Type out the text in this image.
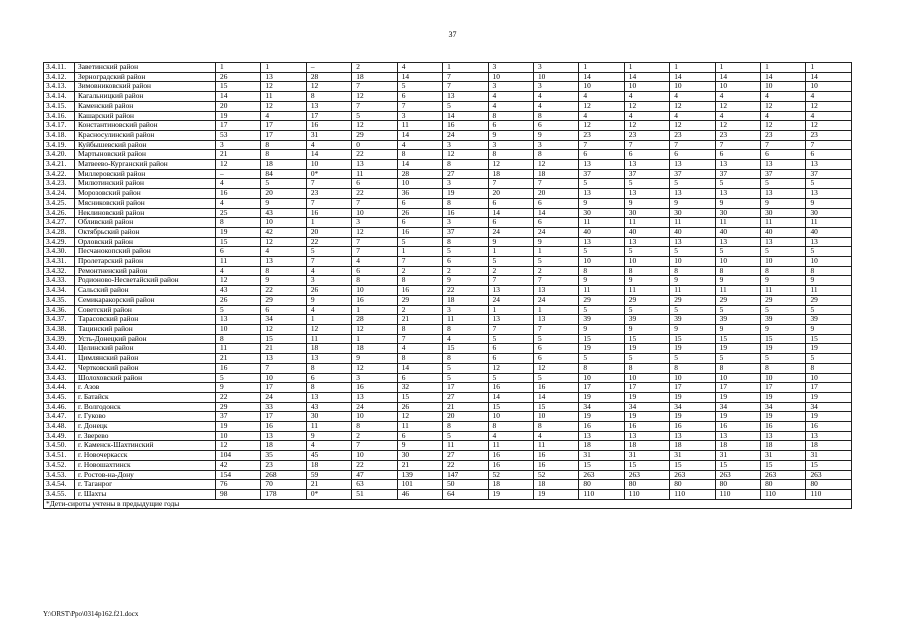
37
3.4.11.	Заветинский район	1	1	–	2	4	1	3	3	1	1	1	1	1	1
3.4.12.	Зерноградский район	26	13	28	18	14	7	10	10	14	14	14	14	14	14
3.4.13.	Зимовниковский район	15	12	12	7	5	7	3	3	10	10	10	10	10	10
3.4.14.	Кагальницкий район	14	11	8	12	6	13	4	4	4	4	4	4	4	4
3.4.15.	Каменский район	20	12	13	7	7	5	4	4	12	12	12	12	12	12
3.4.16.	Кашарский район	19	4	17	5	3	14	8	8	4	4	4	4	4	4
3.4.17.	Константиновский район	17	17	16	12	11	16	6	6	12	12	12	12	12	12
3.4.18.	Красносулинский район	53	17	31	29	14	24	9	9	23	23	23	23	23	23
3.4.19.	Куйбышевский район	3	8	4	0	4	3	3	3	7	7	7	7	7	7
3.4.20.	Мартыновский район	21	8	14	22	8	12	8	8	6	6	6	6	6	6
3.4.21.	Матвеево-Курганский район	12	18	10	13	14	8	12	12	13	13	13	13	13	13
3.4.22.	Миллеровский район	–	84	0*	11	28	27	18	18	37	37	37	37	37	37
3.4.23.	Милютинский район	4	5	7	6	10	3	7	7	5	5	5	5	5	5
3.4.24.	Морозовский район	16	20	23	22	36	19	20	20	13	13	13	13	13	13
3.4.25.	Мясниковский район	4	9	7	7	6	8	6	6	9	9	9	9	9	9
3.4.26.	Неклиновский район	25	43	16	10	26	16	14	14	30	30	30	30	30	30
3.4.27.	Обливский район	8	10	1	3	6	3	6	6	11	11	11	11	11	11
3.4.28.	Октябрьский район	19	42	20	12	16	37	24	24	40	40	40	40	40	40
3.4.29.	Орловский район	15	12	22	7	5	8	9	9	13	13	13	13	13	13
3.4.30.	Песчанокопский район	6	4	5	7	1	5	1	1	5	5	5	5	5	5
3.4.31.	Пролетарский район	11	13	7	4	7	6	5	5	10	10	10	10	10	10
3.4.32.	Ремонтненский район	4	8	4	6	2	2	2	2	8	8	8	8	8	8
3.4.33.	Родионово-Несветайский район	12	9	3	8	8	9	7	7	9	9	9	9	9	9
3.4.34.	Сальский район	43	22	26	10	16	22	13	13	11	11	11	11	11	11
3.4.35.	Семикаракорский район	26	29	9	16	29	18	24	24	29	29	29	29	29	29
3.4.36.	Советский район	5	6	4	1	2	3	1	1	5	5	5	5	5	5
3.4.37.	Тарасовский район	13	34	1	28	21	11	13	13	39	39	39	39	39	39
3.4.38.	Тацинский район	10	12	12	12	8	8	7	7	9	9	9	9	9	9
3.4.39.	Усть-Донецкий район	8	15	11	1	7	4	5	5	15	15	15	15	15	15
3.4.40.	Целинский район	11	21	18	18	4	15	6	6	19	19	19	19	19	19
3.4.41.	Цимлянский район	21	13	13	9	8	8	6	6	5	5	5	5	5	5
3.4.42.	Чертковский район	16	7	8	12	14	5	12	12	8	8	8	8	8	8
3.4.43.	Шолоховский район	5	10	6	3	6	5	5	5	10	10	10	10	10	10
3.4.44.	г. Азов	9	17	8	16	32	17	16	16	17	17	17	17	17	17
3.4.45.	г. Батайск	22	24	13	13	15	27	14	14	19	19	19	19	19	19
3.4.46.	г. Волгодонск	29	33	43	24	26	21	15	15	34	34	34	34	34	34
3.4.47.	г. Гуково	37	17	30	10	12	20	10	10	19	19	19	19	19	19
3.4.48.	г. Донецк	19	16	11	8	11	8	8	8	16	16	16	16	16	16
3.4.49.	г. Зверево	10	13	9	2	6	5	4	4	13	13	13	13	13	13
3.4.50.	г. Каменск-Шахтинский	12	18	4	7	9	11	11	11	18	18	18	18	18	18
3.4.51.	г. Новочеркасск	104	35	45	10	30	27	16	16	31	31	31	31	31	31
3.4.52.	г. Новошахтинск	42	23	18	22	21	22	16	16	15	15	15	15	15	15
3.4.53.	г. Ростов-на-Дону	154	268	59	47	139	147	52	52	263	263	263	263	263	263
3.4.54.	г. Таганрог	76	70	21	63	101	50	18	18	80	80	80	80	80	80
3.4.55.	г. Шахты	98	178	0*	51	46	64	19	19	110	110	110	110	110	110
*Дети-сироты учтены в предыдущие годы															
Y:\ORST\Ppo\0314p162.f21.docx
